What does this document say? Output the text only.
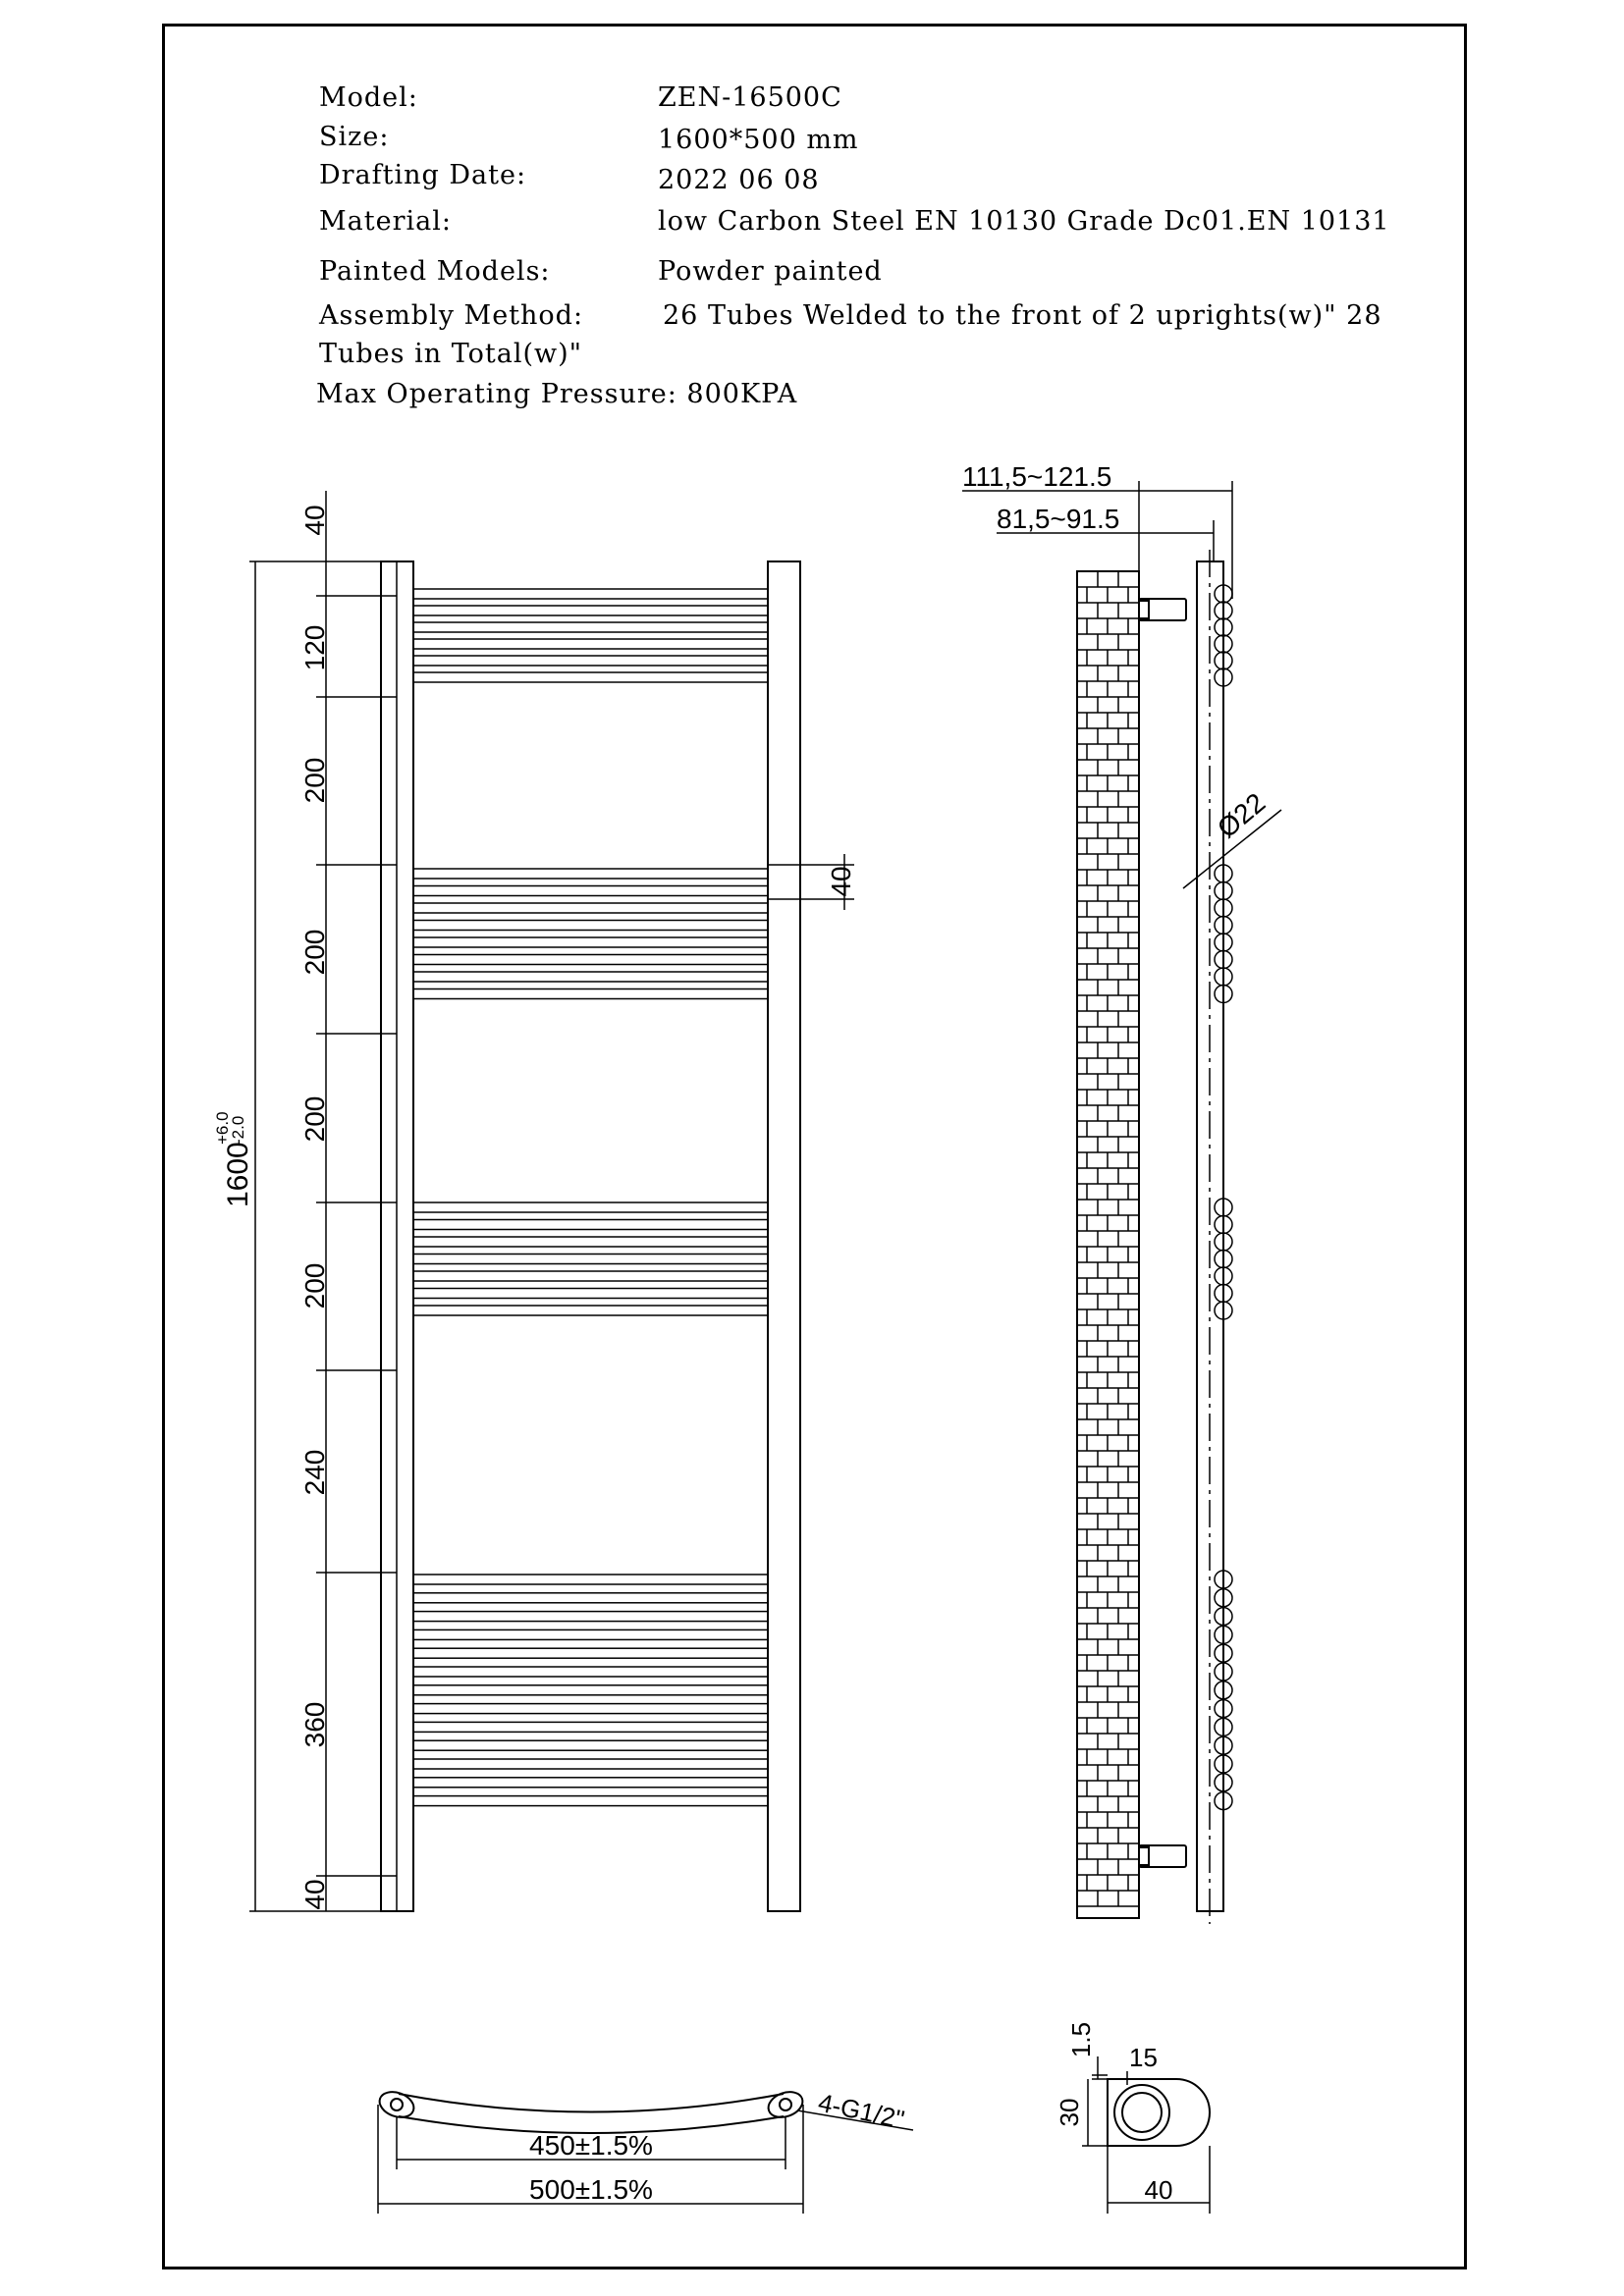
Model:	ZEN-16500C
Size:	1600*500 mm
Drafting Date:	2022 06 08
Material:	low Carbon Steel EN 10130 Grade Dc01.EN 10131
Painted Models:	Powder painted
Assembly Method:	26 Tubes Welded to the front of 2 uprights(w)" 28
Tubes in Total(w)"
Max Operating Pressure: 800KPA
40
120
200
200
200
200
240
360
40
1600
+6.0
-2.0
40
111,5~121.5
81,5~91.5
Ø22
450±1.5%
500±1.5%
4-G1/2"
1.5 15
30
40
